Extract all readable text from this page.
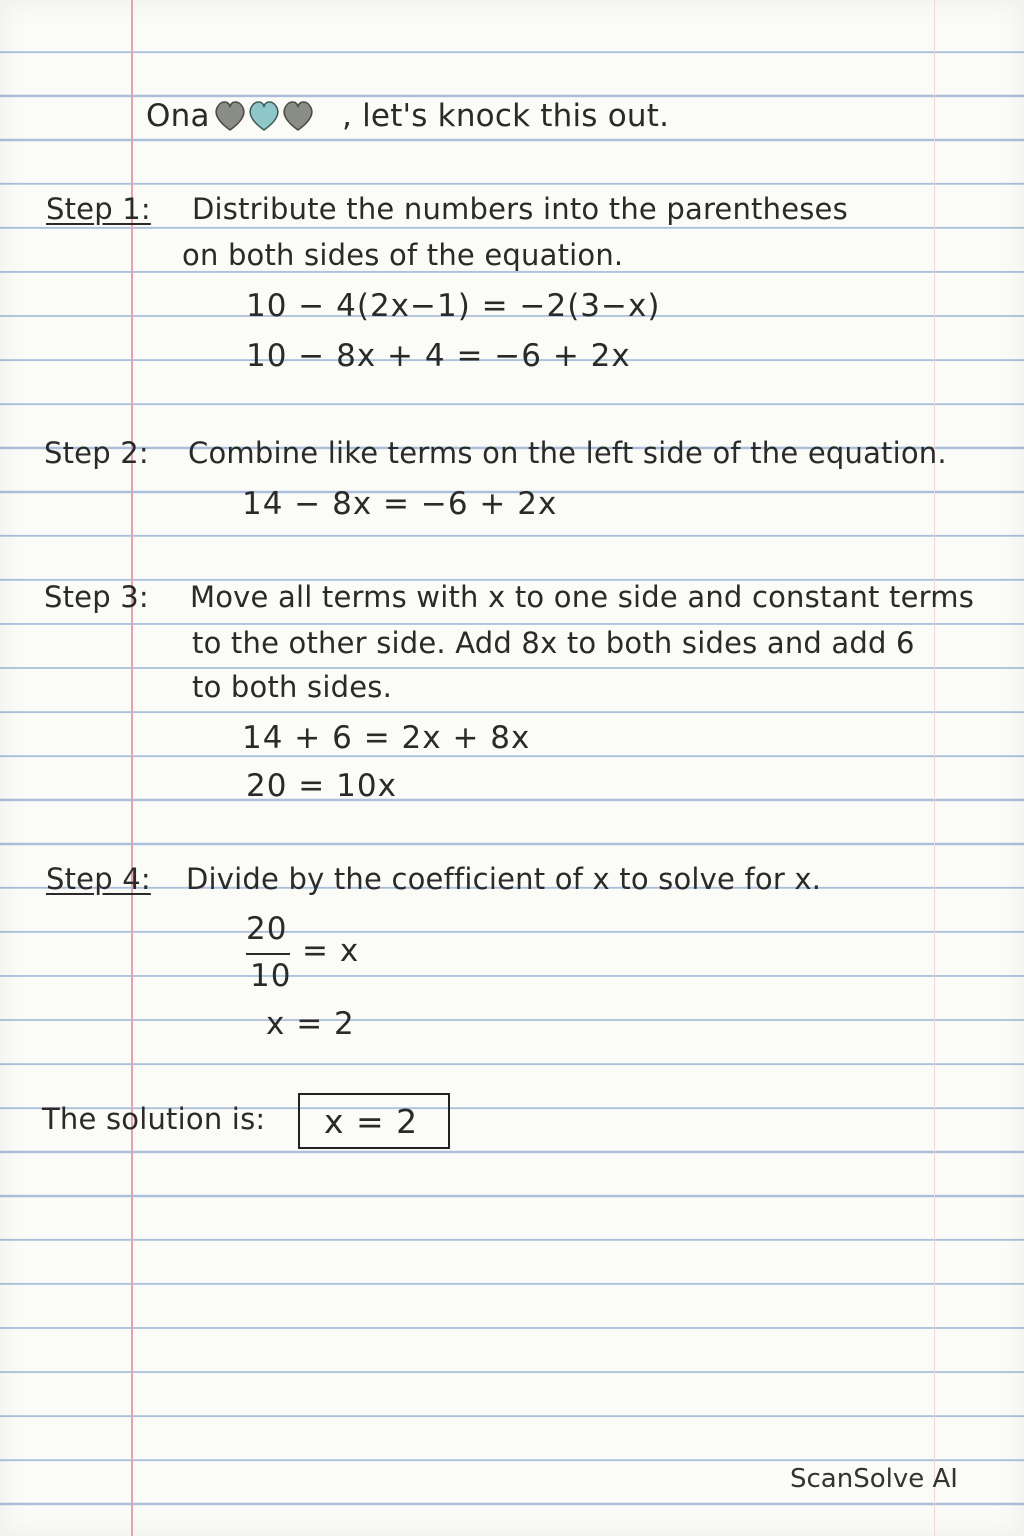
Ona	, let's knock this out.
Step 1: Distribute the numbers into the parentheses
on both sides of the equation.
10 − 4(2x−1) = −2(3−x)
10 − 8x + 4 = −6 + 2x
Step 2: Combine like terms on the left side of the equation.
14 − 8x = −6 + 2x
Step 3: Move all terms with x to one side and constant terms
to the other side. Add 8x to both sides and add 6
to both sides.
14 + 6 = 2x + 8x
20 = 10x
Step 4: Divide by the coefficient of x to solve for x.
20
10
= x
x = 2
The solution is: x = 2
ScanSolve AI
